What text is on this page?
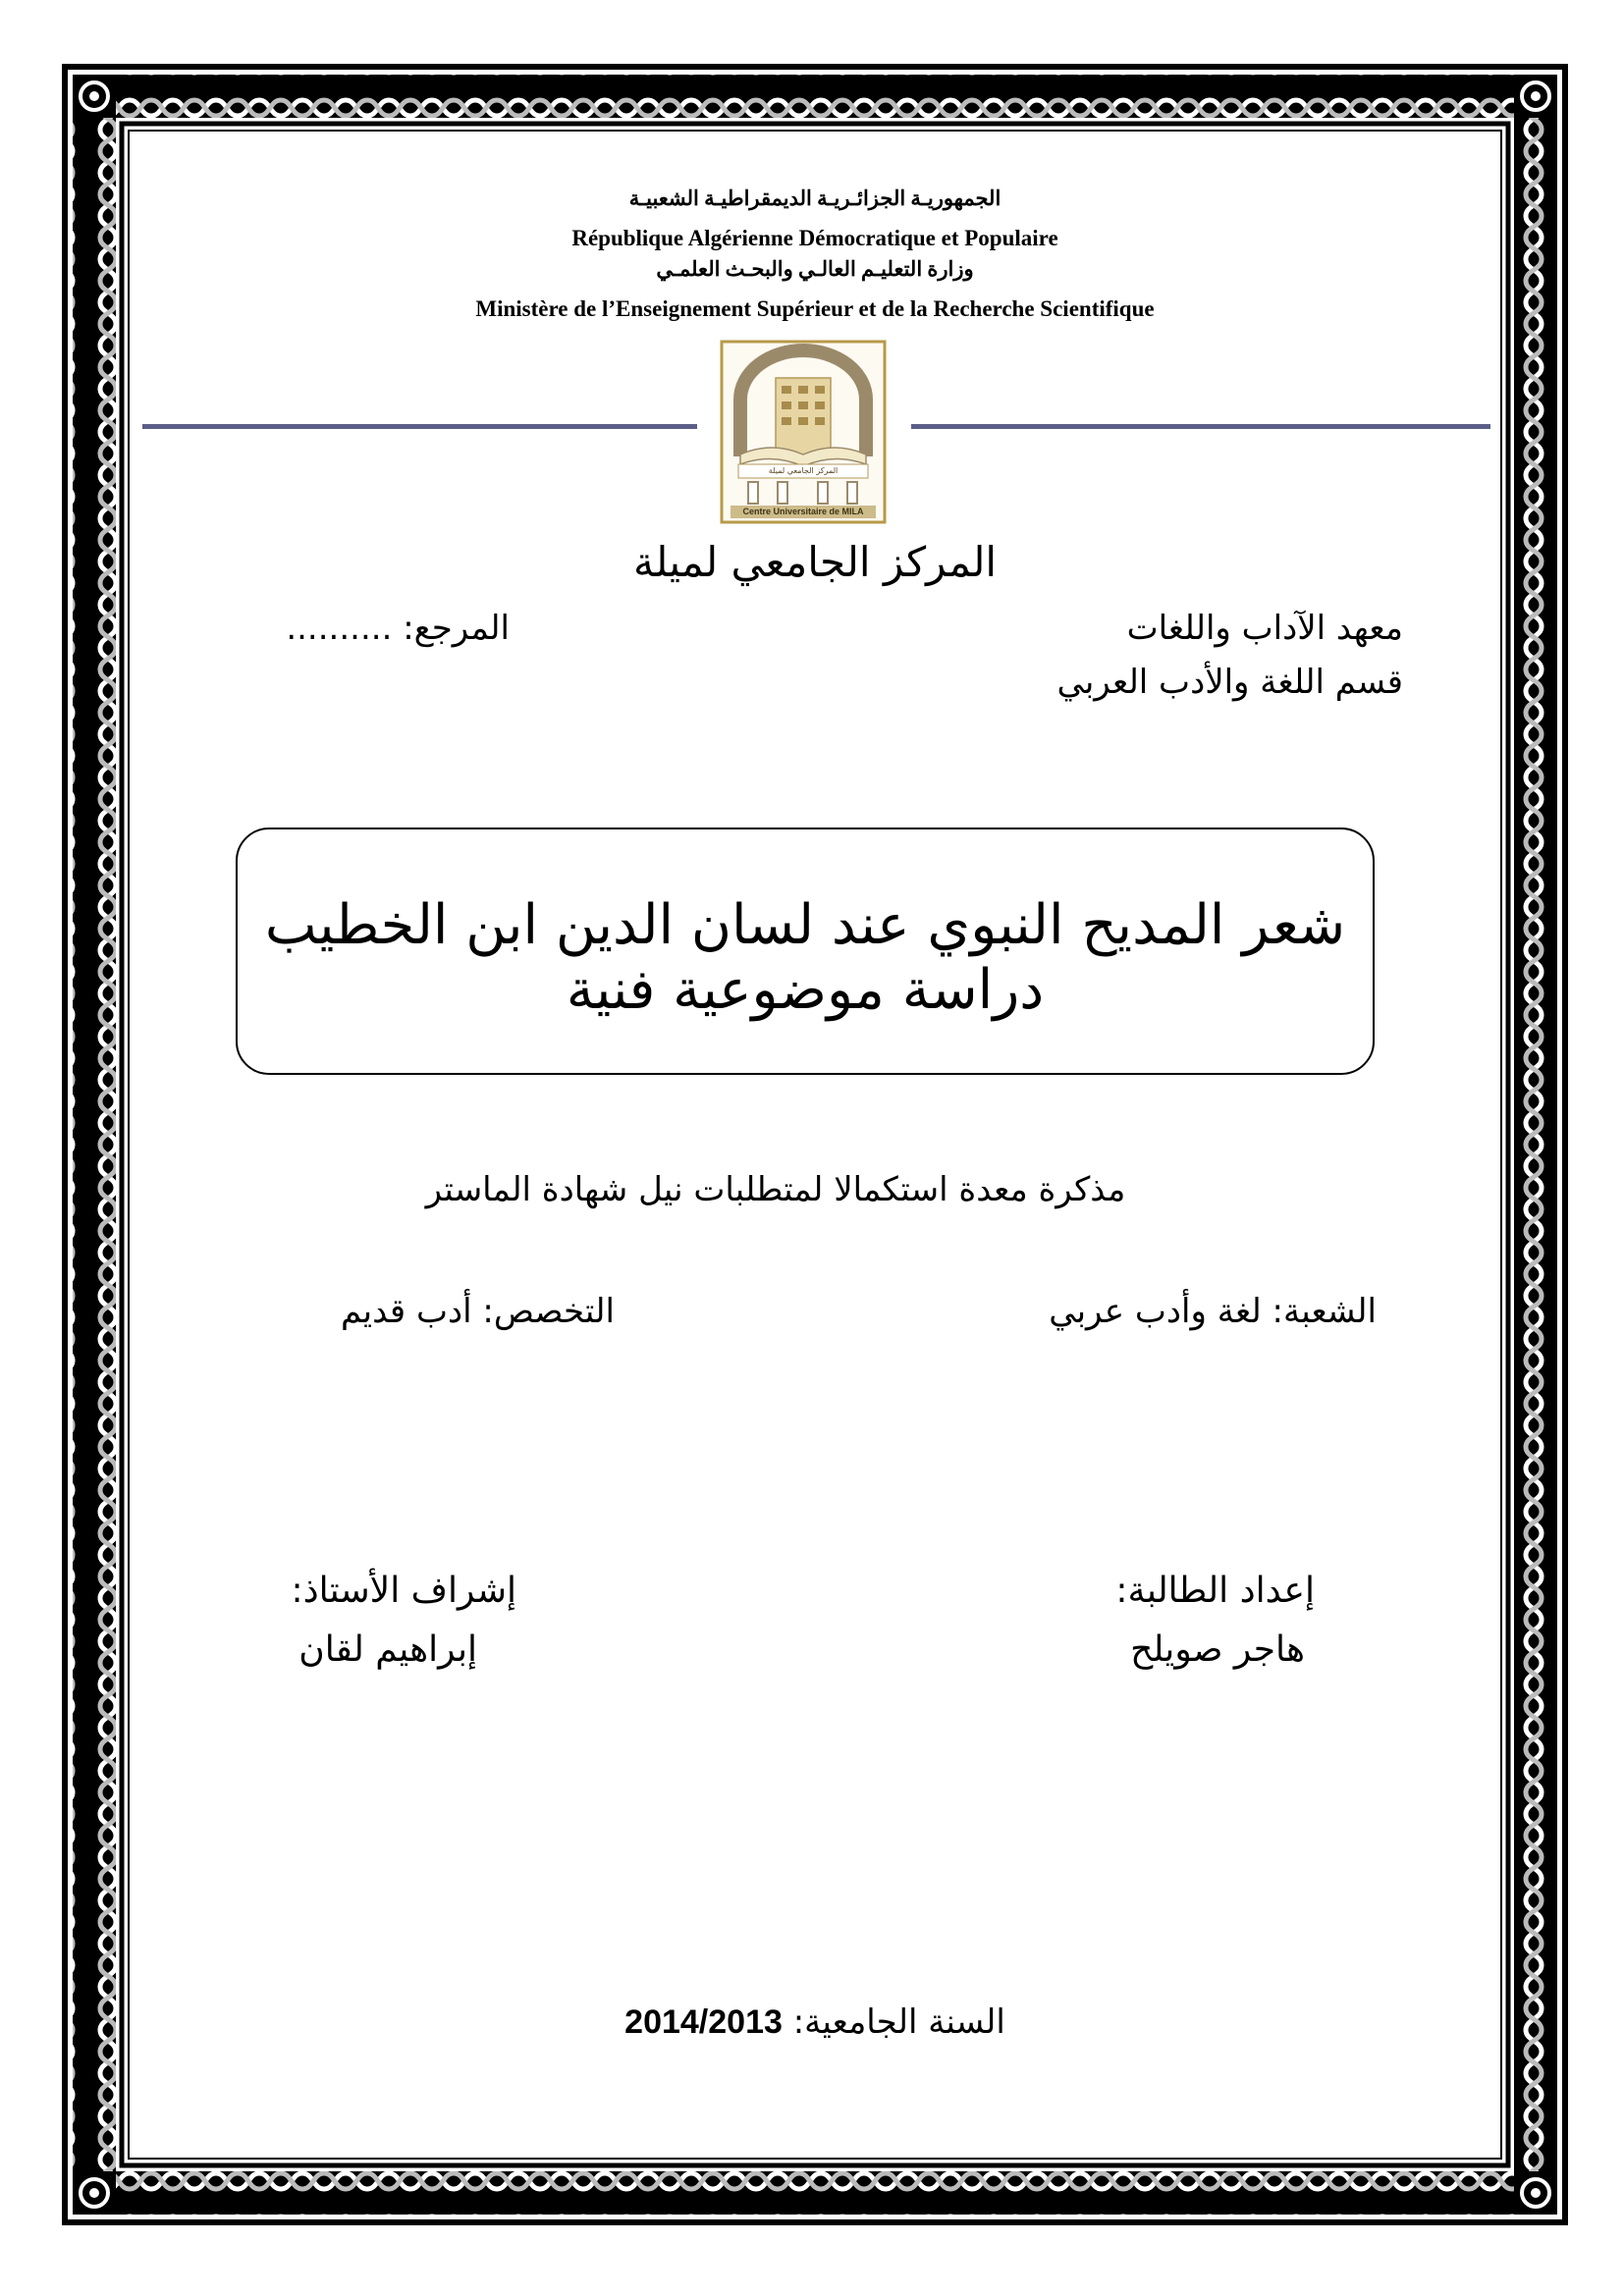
الجمهوريـة الجزائـريـة الديمقراطيـة الشعبيـة
République Algérienne Démocratique et Populaire
وزارة التعليـم العالـي والبحـث العلمـي
Ministère de l’Enseignement Supérieur et de la Recherche Scientifique
المركز الجامعي لميلة
Centre Universitaire de MILA
المركز الجامعي لميلة
معهد الآداب واللغات
قسم اللغة والأدب العربي
المرجع: ..........
شعر المديح النبوي عند لسان الدين ابن الخطيب
دراسة موضوعية فنية
مذكرة معدة استكمالا لمتطلبات نيل شهادة الماستر
الشعبة: لغة وأدب عربي
التخصص: أدب قديم
إعداد الطالبة:
هاجر صويلح
إشراف الأستاذ:
إبراهيم لقان
السنة الجامعية: 2014/2013
